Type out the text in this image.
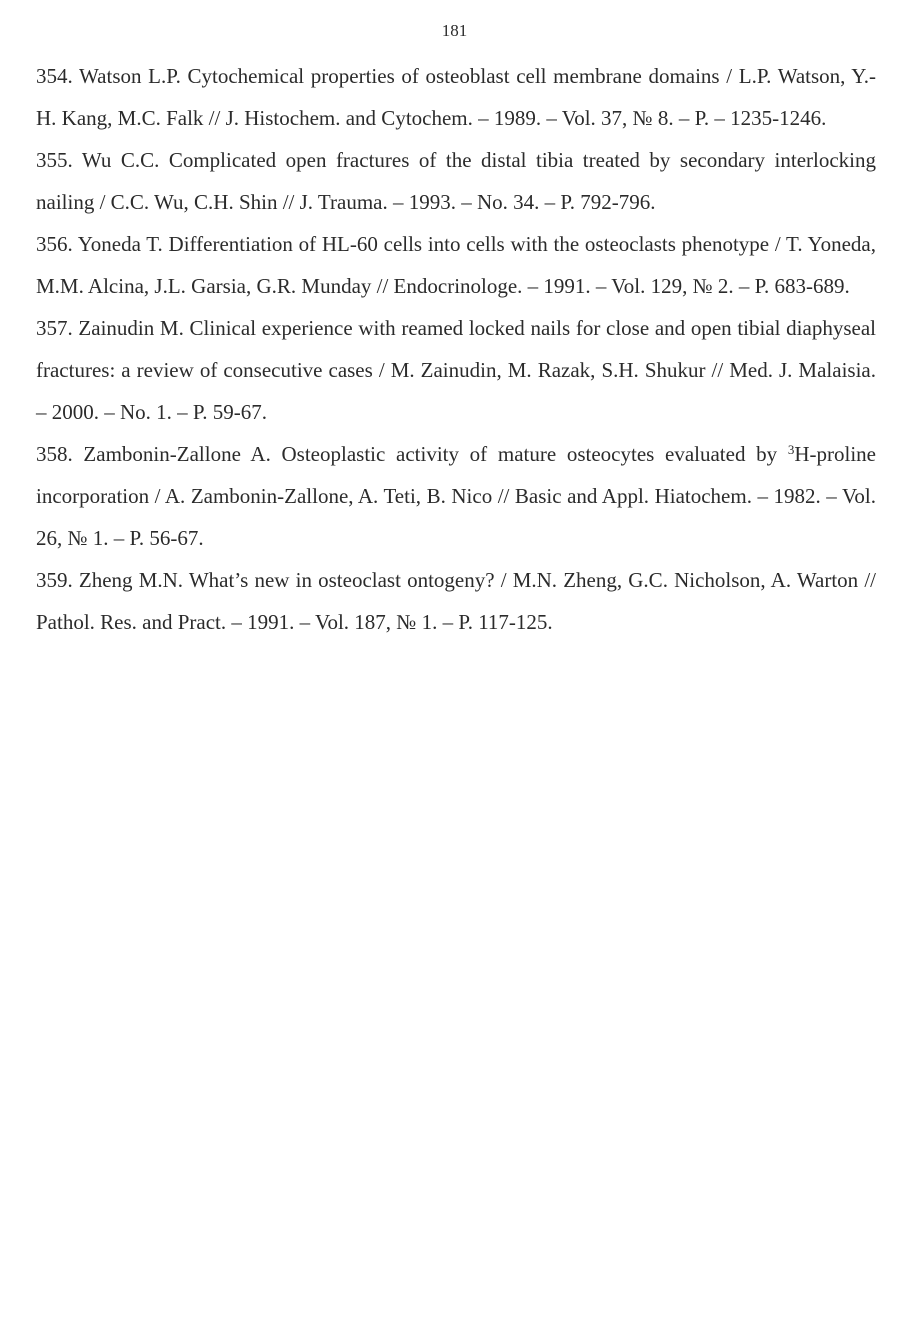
181

354. Watson L.P. Cytochemical properties of osteoblast cell membrane domains / L.P. Watson, Y.-H. Kang, M.C. Falk // J. Histochem. and Cytochem. – 1989. – Vol. 37, № 8. – P. – 1235-1246.

355. Wu C.C. Complicated open fractures of the distal tibia treated by secondary interlocking nailing / C.C. Wu, C.H. Shin // J. Trauma. – 1993. – No. 34. – P. 792-796.

356. Yoneda T. Differentiation of HL-60 cells into cells with the osteoclasts phenotype / T. Yoneda, M.M. Alcina, J.L. Garsia, G.R. Munday // Endocrinologe. – 1991. – Vol. 129, № 2. – P. 683-689.

357. Zainudin M. Clinical experience with reamed locked nails for close and open tibial diaphyseal fractures: a review of consecutive cases / M. Zainudin, M. Razak, S.H. Shukur // Med. J. Malaisia. – 2000. – No. 1. – P. 59-67.

358. Zambonin-Zallone A. Osteoplastic activity of mature osteocytes evaluated by $^3$H-proline incorporation / A. Zambonin-Zallone, A. Teti, B. Nico // Basic and Appl. Hiatochem. – 1982. – Vol. 26, № 1. – P. 56-67.

359. Zheng M.N. What’s new in osteoclast ontogeny? / M.N. Zheng, G.C. Nicholson, A. Warton // Pathol. Res. and Pract. – 1991. – Vol. 187, № 1. – P. 117-125.
